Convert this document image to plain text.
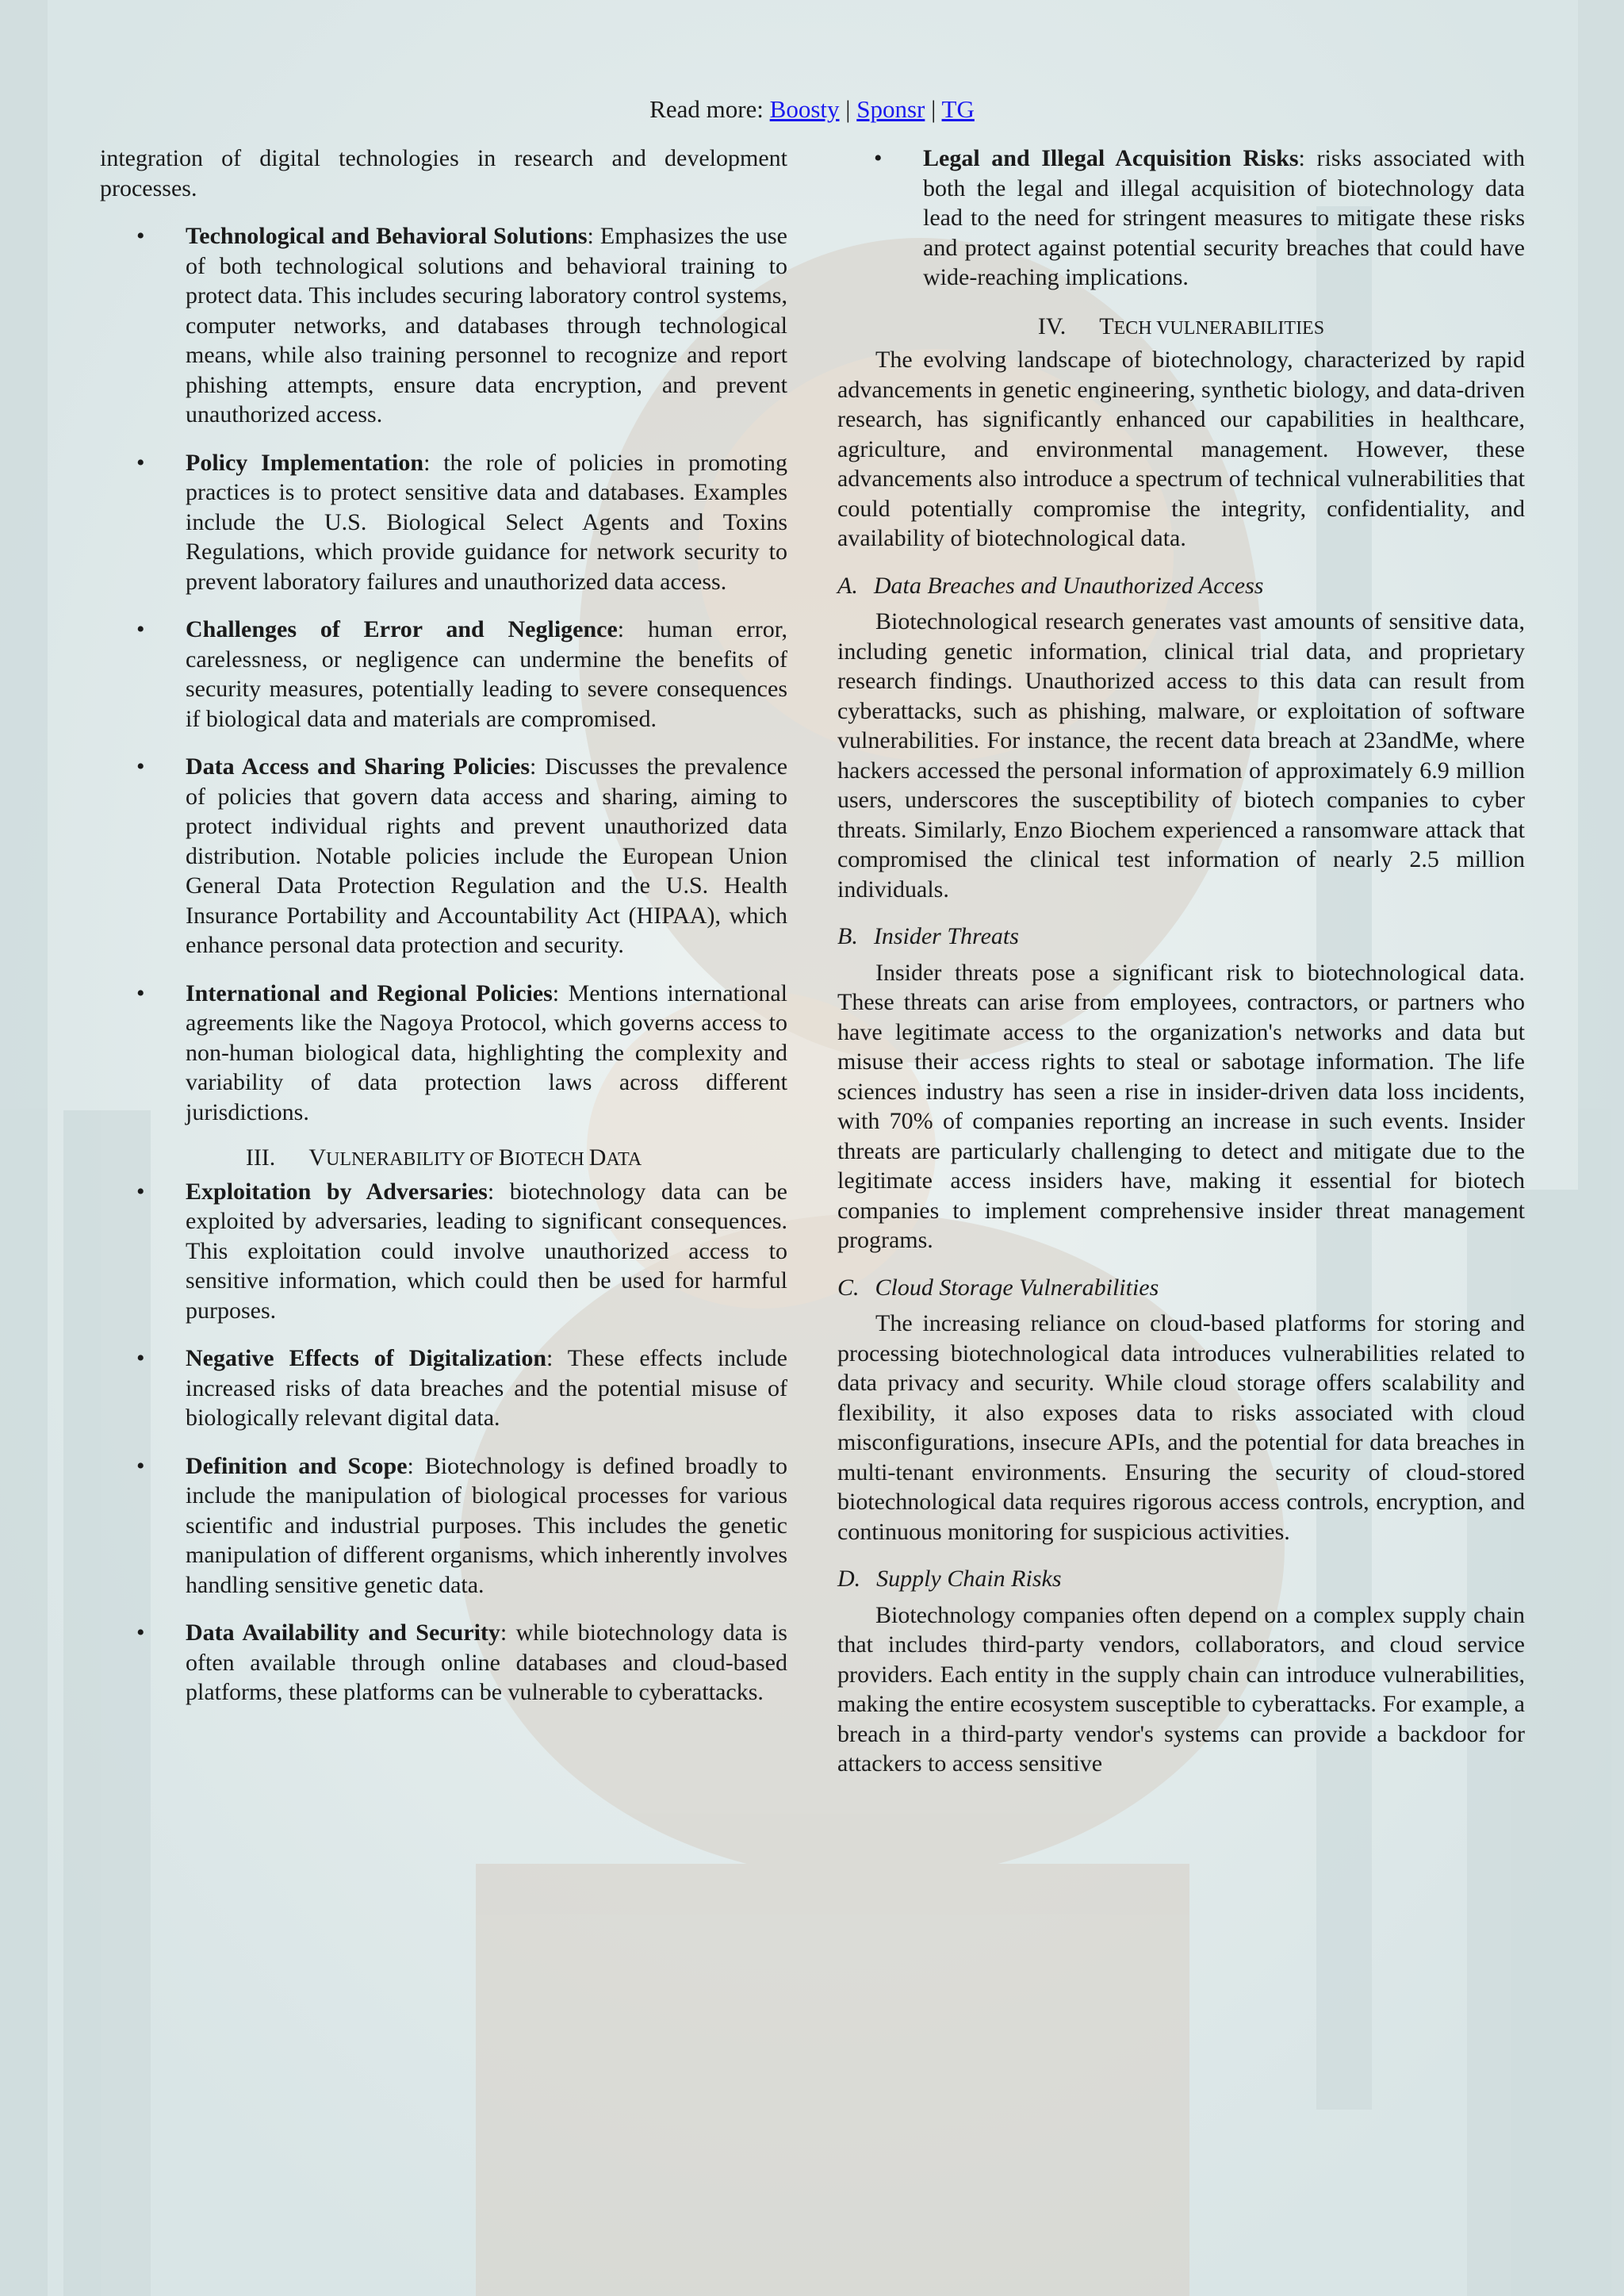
Read more: Boosty | Sponsr | TG

integration of digital technologies in research and development processes.

• Technological and Behavioral Solutions: Emphasizes the use of both technological solutions and behavioral training to protect data. This includes securing laboratory control systems, computer networks, and databases through technological means, while also training personnel to recognize and report phishing attempts, ensure data encryption, and prevent unauthorized access.
• Policy Implementation: the role of policies in promoting practices is to protect sensitive data and databases. Examples include the U.S. Biological Select Agents and Toxins Regulations, which provide guidance for network security to prevent laboratory failures and unauthorized data access.
• Challenges of Error and Negligence: human error, carelessness, or negligence can undermine the benefits of security measures, potentially leading to severe consequences if biological data and materials are compromised.
• Data Access and Sharing Policies: Discusses the prevalence of policies that govern data access and sharing, aiming to protect individual rights and prevent unauthorized data distribution. Notable policies include the European Union General Data Protection Regulation and the U.S. Health Insurance Portability and Accountability Act (HIPAA), which enhance personal data protection and security.
• International and Regional Policies: Mentions international agreements like the Nagoya Protocol, which governs access to non-human biological data, highlighting the complexity and variability of data protection laws across different jurisdictions.
III. VULNERABILITY OF BIOTECH DATA
• Exploitation by Adversaries: biotechnology data can be exploited by adversaries, leading to significant consequences. This exploitation could involve unauthorized access to sensitive information, which could then be used for harmful purposes.
• Negative Effects of Digitalization: These effects include increased risks of data breaches and the potential misuse of biologically relevant digital data.
• Definition and Scope: Biotechnology is defined broadly to include the manipulation of biological processes for various scientific and industrial purposes. This includes the genetic manipulation of different organisms, which inherently involves handling sensitive genetic data.
• Data Availability and Security: while biotechnology data is often available through online databases and cloud-based platforms, these platforms can be vulnerable to cyberattacks.
• Legal and Illegal Acquisition Risks: risks associated with both the legal and illegal acquisition of biotechnology data lead to the need for stringent measures to mitigate these risks and protect against potential security breaches that could have wide-reaching implications.
IV. TECH VULNERABILITIES

The evolving landscape of biotechnology, characterized by rapid advancements in genetic engineering, synthetic biology, and data-driven research, has significantly enhanced our capabilities in healthcare, agriculture, and environmental management. However, these advancements also introduce a spectrum of technical vulnerabilities that could potentially compromise the integrity, confidentiality, and availability of biotechnological data.

A. Data Breaches and Unauthorized Access

Biotechnological research generates vast amounts of sensitive data, including genetic information, clinical trial data, and proprietary research findings. Unauthorized access to this data can result from cyberattacks, such as phishing, malware, or exploitation of software vulnerabilities. For instance, the recent data breach at 23andMe, where hackers accessed the personal information of approximately 6.9 million users, underscores the susceptibility of biotech companies to cyber threats. Similarly, Enzo Biochem experienced a ransomware attack that compromised the clinical test information of nearly 2.5 million individuals.

B. Insider Threats

Insider threats pose a significant risk to biotechnological data. These threats can arise from employees, contractors, or partners who have legitimate access to the organization's networks and data but misuse their access rights to steal or sabotage information. The life sciences industry has seen a rise in insider-driven data loss incidents, with 70% of companies reporting an increase in such events. Insider threats are particularly challenging to detect and mitigate due to the legitimate access insiders have, making it essential for biotech companies to implement comprehensive insider threat management programs.

C. Cloud Storage Vulnerabilities

The increasing reliance on cloud-based platforms for storing and processing biotechnological data introduces vulnerabilities related to data privacy and security. While cloud storage offers scalability and flexibility, it also exposes data to risks associated with cloud misconfigurations, insecure APIs, and the potential for data breaches in multi-tenant environments. Ensuring the security of cloud-stored biotechnological data requires rigorous access controls, encryption, and continuous monitoring for suspicious activities.

D. Supply Chain Risks

Biotechnology companies often depend on a complex supply chain that includes third-party vendors, collaborators, and cloud service providers. Each entity in the supply chain can introduce vulnerabilities, making the entire ecosystem susceptible to cyberattacks. For example, a breach in a third-party vendor's systems can provide a backdoor for attackers to access sensitive
